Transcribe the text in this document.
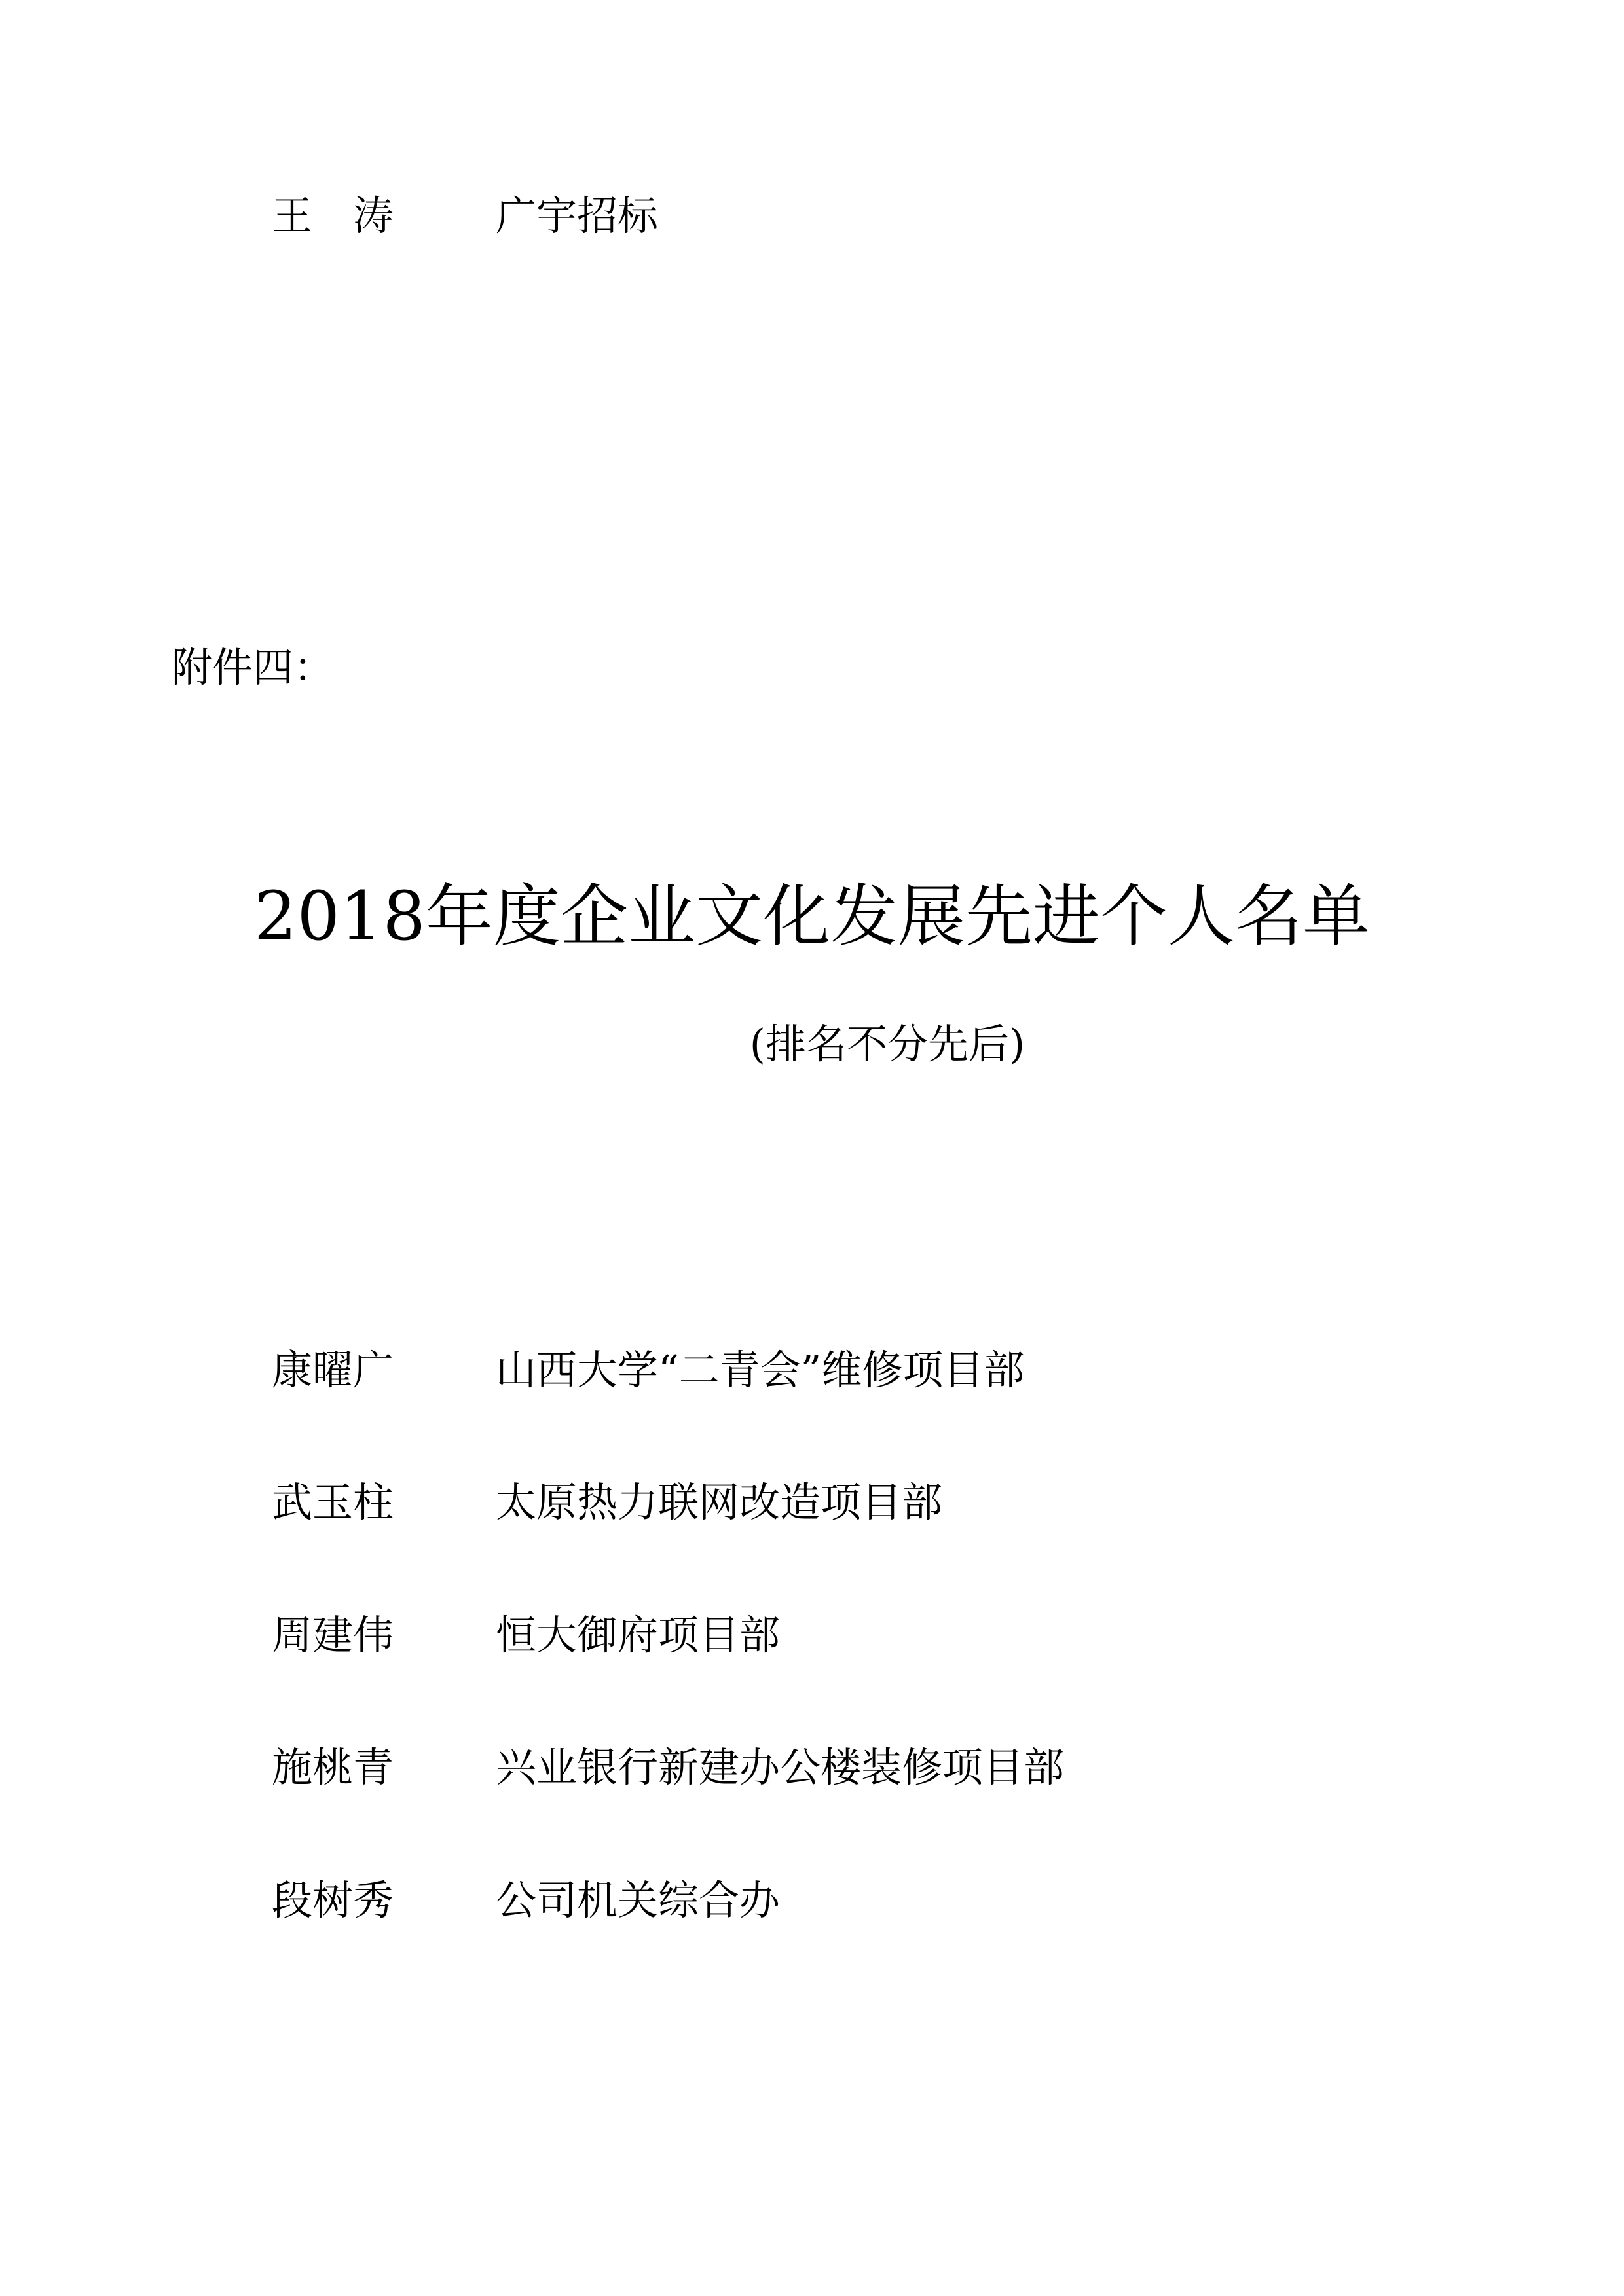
王涛 广宇招标
附件四：
2018年度企业文化发展先进个人名单
(排名不分先后)
康曜广	山西大学“二青会”维修项目部
武玉柱	太原热力联网改造项目部
周建伟	恒大御府项目部
施桃青	兴业银行新建办公楼装修项目部
段树秀	公司机关综合办
